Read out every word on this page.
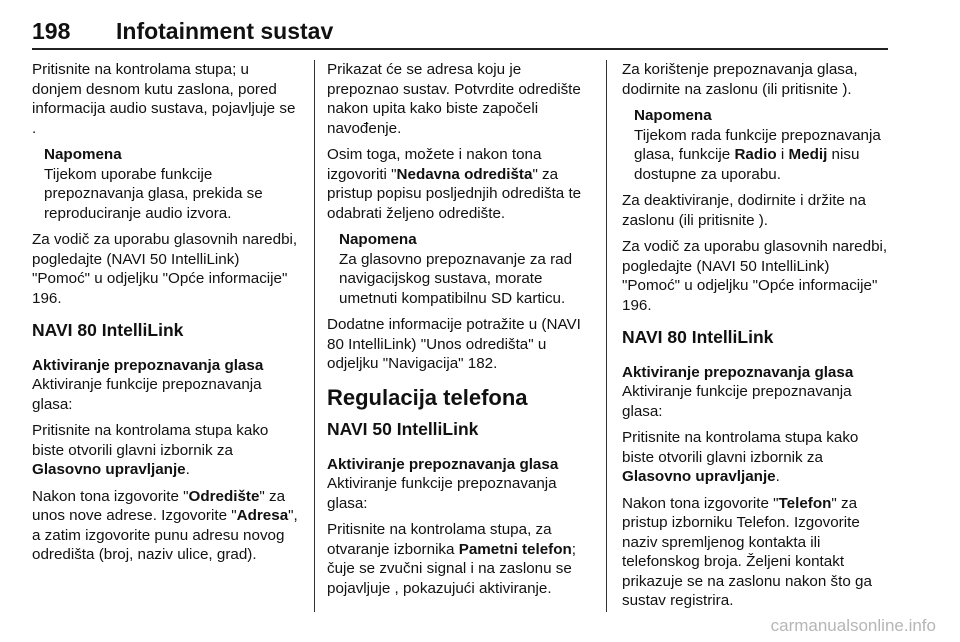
198 Infotainment sustav

Pritisnite na kontrolama stupa; u donjem desnom kutu zaslona, pored informacija audio sustava, pojavljuje se .

Napomena
Tijekom uporabe funkcije prepoznavanja glasa, prekida se reproduciranje audio izvora.

Za vodič za uporabu glasovnih naredbi, pogledajte (NAVI 50 IntelliLink) "Pomoć" u odjeljku "Opće informacije" 196.

NAVI 80 IntelliLink
Aktiviranje prepoznavanja glasa

Aktiviranje funkcije prepoznavanja glasa:

Pritisnite na kontrolama stupa kako biste otvorili glavni izbornik za Glasovno upravljanje.

Nakon tona izgovorite "Odredište" za unos nove adrese. Izgovorite "Adresa", a zatim izgovorite punu adresu novog odredišta (broj, naziv ulice, grad).

Prikazat će se adresa koju je prepoznao sustav. Potvrdite odredište nakon upita kako biste započeli navođenje.

Osim toga, možete i nakon tona izgovoriti "Nedavna odredišta" za pristup popisu posljednjih odredišta te odabrati željeno odredište.

Napomena
Za glasovno prepoznavanje za rad navigacijskog sustava, morate umetnuti kompatibilnu SD karticu.

Dodatne informacije potražite u (NAVI 80 IntelliLink) "Unos odredišta" u odjeljku "Navigacija" 182.

Regulacija telefona
NAVI 50 IntelliLink
Aktiviranje prepoznavanja glasa

Aktiviranje funkcije prepoznavanja glasa:

Pritisnite na kontrolama stupa, za otvaranje izbornika Pametni telefon; čuje se zvučni signal i na zaslonu se pojavljuje , pokazujući aktiviranje.

Za korištenje prepoznavanja glasa, dodirnite na zaslonu (ili pritisnite ).

Napomena
Tijekom rada funkcije prepoznavanja glasa, funkcije Radio i Medij nisu dostupne za uporabu.

Za deaktiviranje, dodirnite i držite na zaslonu (ili pritisnite ).

Za vodič za uporabu glasovnih naredbi, pogledajte (NAVI 50 IntelliLink) "Pomoć" u odjeljku "Opće informacije" 196.

NAVI 80 IntelliLink
Aktiviranje prepoznavanja glasa

Aktiviranje funkcije prepoznavanja glasa:

Pritisnite na kontrolama stupa kako biste otvorili glavni izbornik za Glasovno upravljanje.

Nakon tona izgovorite "Telefon" za pristup izborniku Telefon. Izgovorite naziv spremljenog kontakta ili telefonskog broja. Željeni kontakt prikazuje se na zaslonu nakon što ga sustav registrira.

carmanualsonline.info
